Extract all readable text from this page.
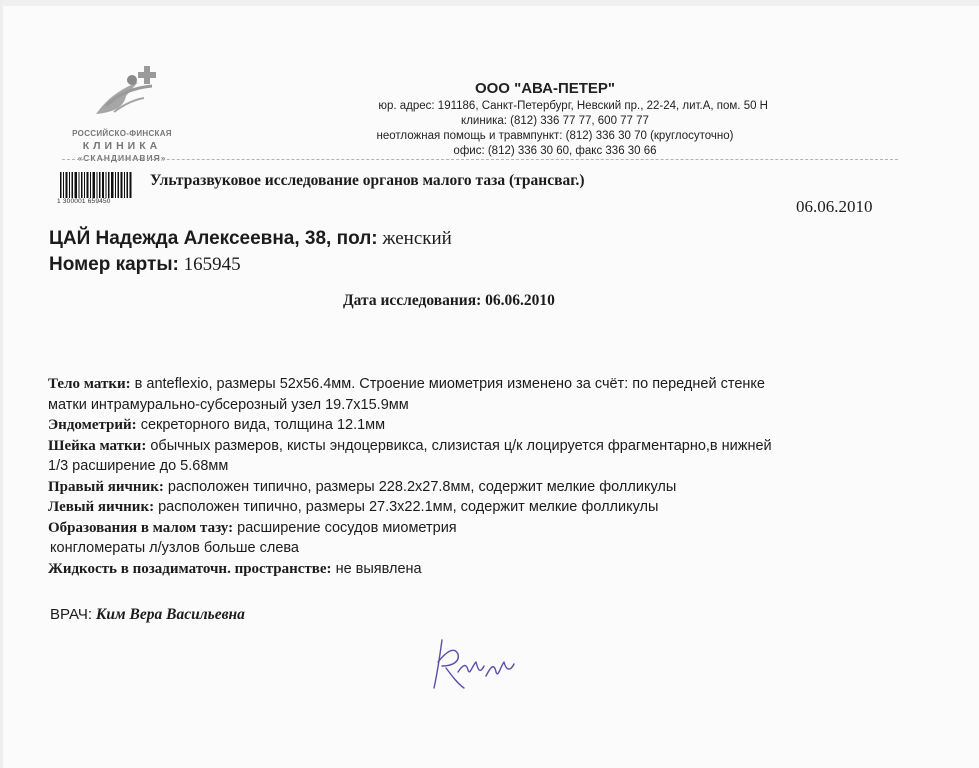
РОССИЙСКО-ФИНСКАЯ
КЛИНИКА
«СКАНДИНАВИЯ»
ООО "АВА-ПЕТЕР"
юр. адрес: 191186, Санкт-Петербург, Невский пр., 22-24, лит.А, пом. 50 Н
клиника: (812) 336 77 77, 600 77 77
неотложная помощь и травмпункт: (812) 336 30 70 (круглосуточно)
офис: (812) 336 30 60, факс 336 30 66
1 300001 659450
Ультразвуковое исследование органов малого таза (трансваг.)
06.06.2010
ЦАЙ Надежда Алексеевна, 38, пол: женский
Номер карты: 165945
Дата исследования: 06.06.2010
Тело матки: в anteflexio, размеры 52х56.4мм. Строение миометрия изменено за счёт: по передней стенке
матки интрамурально-субсерозный узел 19.7х15.9мм
Эндометрий: секреторного вида, толщина 12.1мм
Шейка матки: обычных размеров, кисты эндоцервикса, слизистая ц/к лоцируется фрагментарно,в нижней
1/3 расширение до 5.68мм
Правый яичник: расположен типично, размеры 228.2х27.8мм, содержит мелкие фолликулы
Левый яичник: расположен типично, размеры 27.3х22.1мм, содержит мелкие фолликулы
Образования в малом тазу: расширение сосудов миометрия
конгломераты л/узлов больше слева
Жидкость в позадиматочн. пространстве: не выявлена
ВРАЧ: Ким Вера Васильевна
